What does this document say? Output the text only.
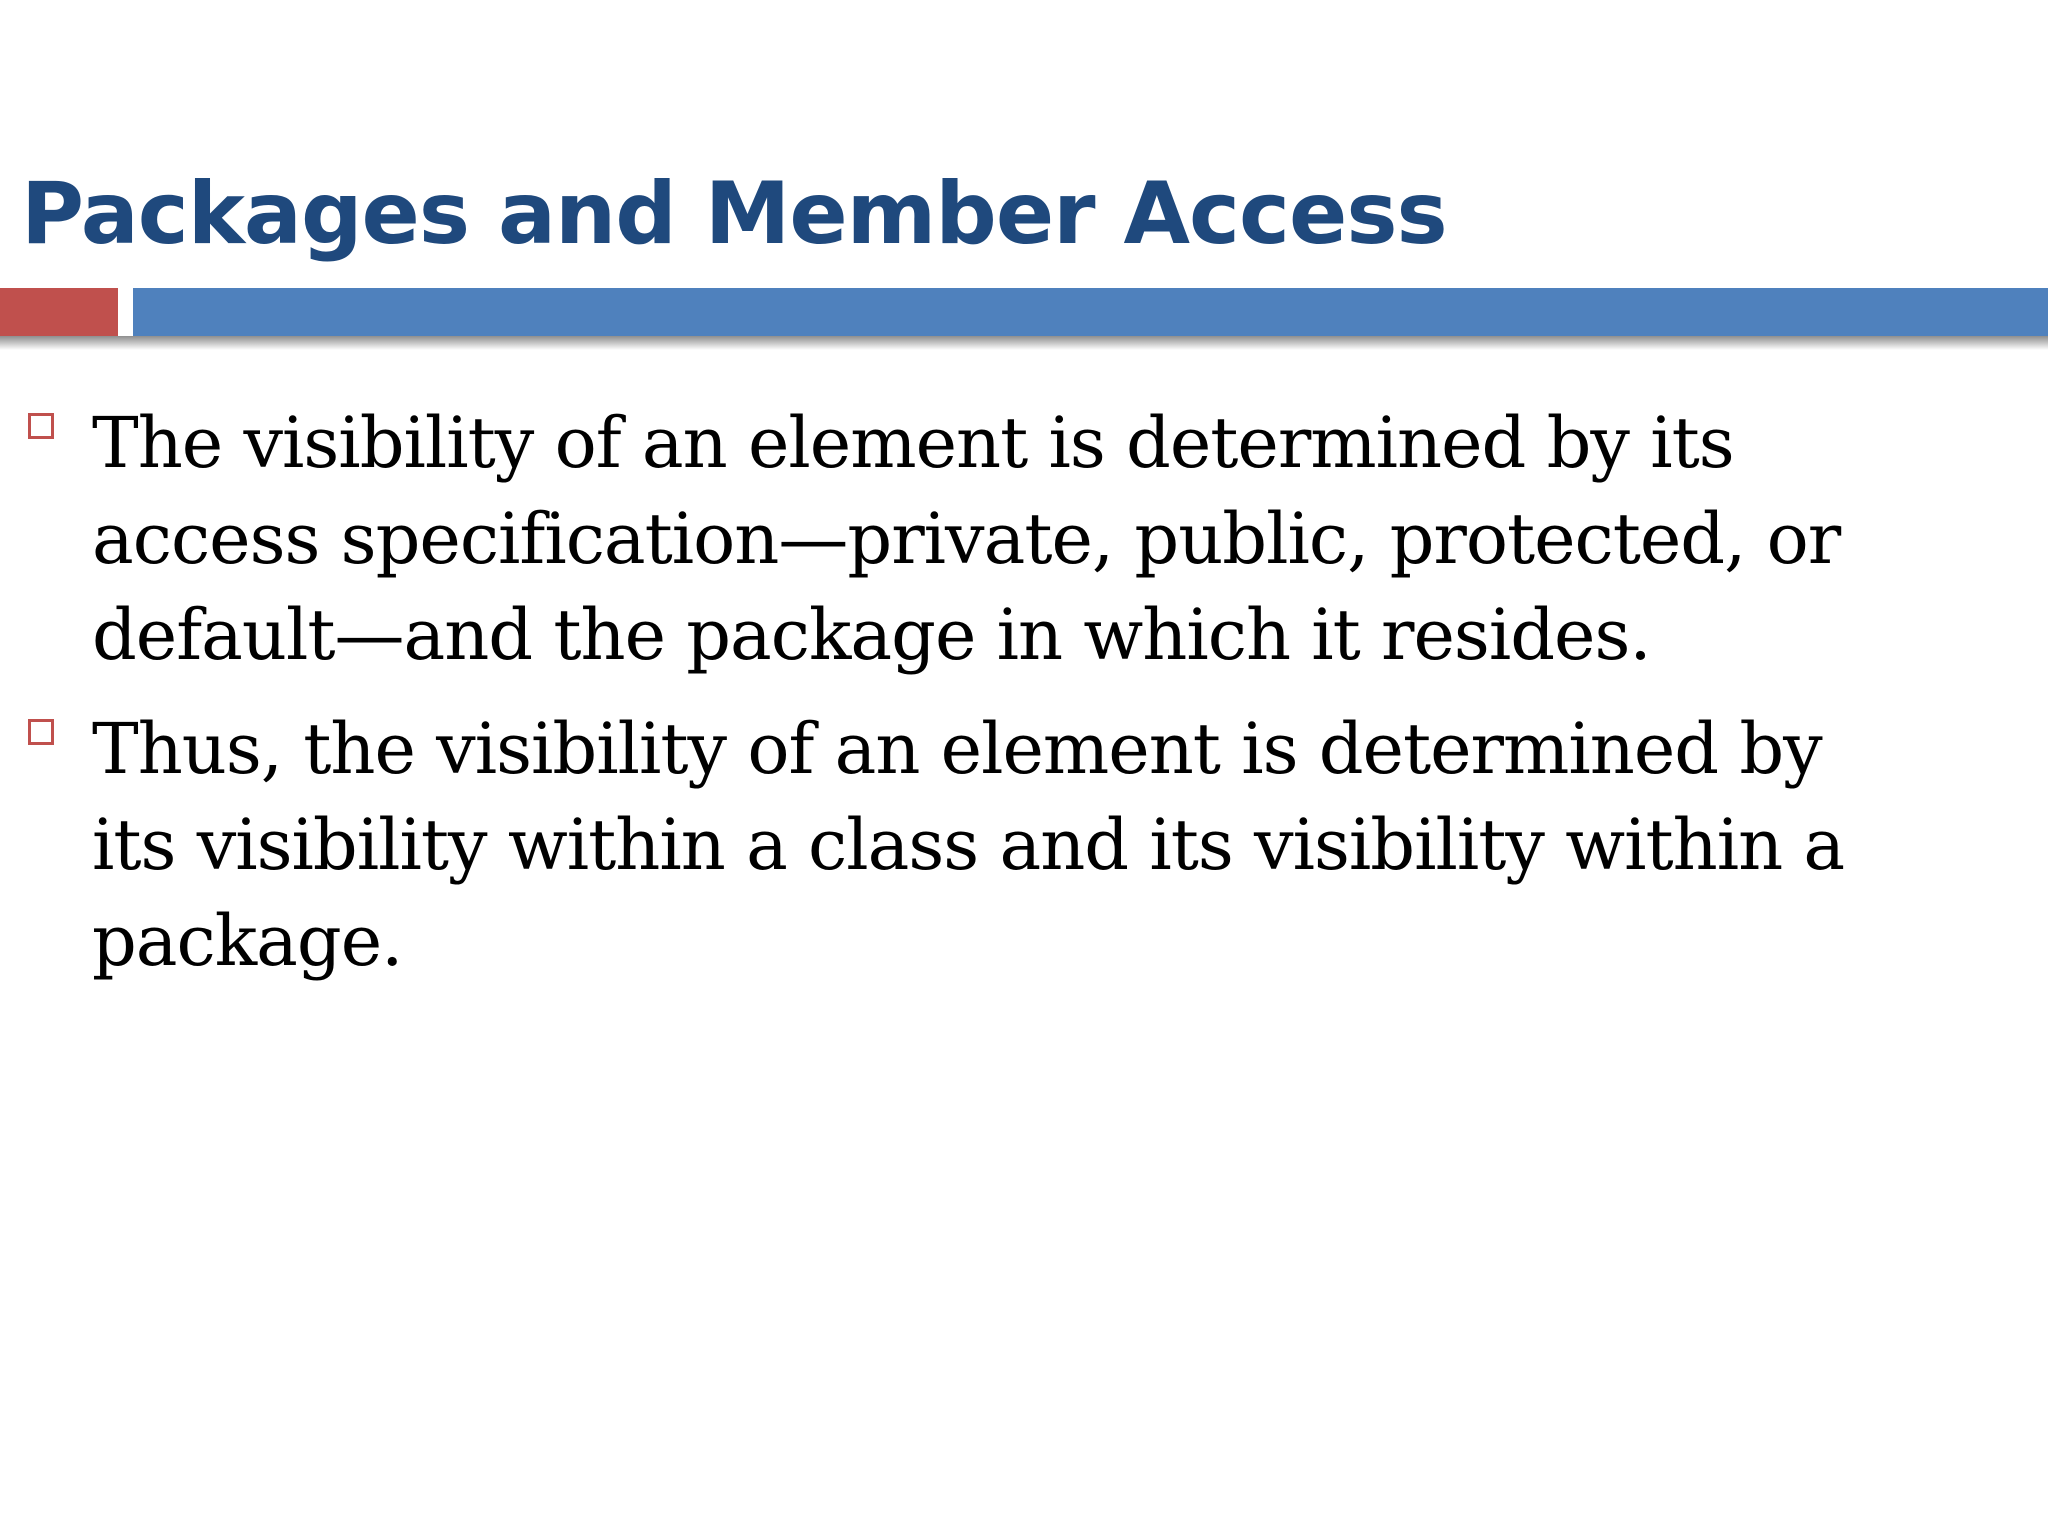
Packages and Member Access
The visibility of an element is determined by its access specification—private, public, protected, or default—and the package in which it resides.
Thus, the visibility of an element is determined by its visibility within a class and its visibility within a package.
